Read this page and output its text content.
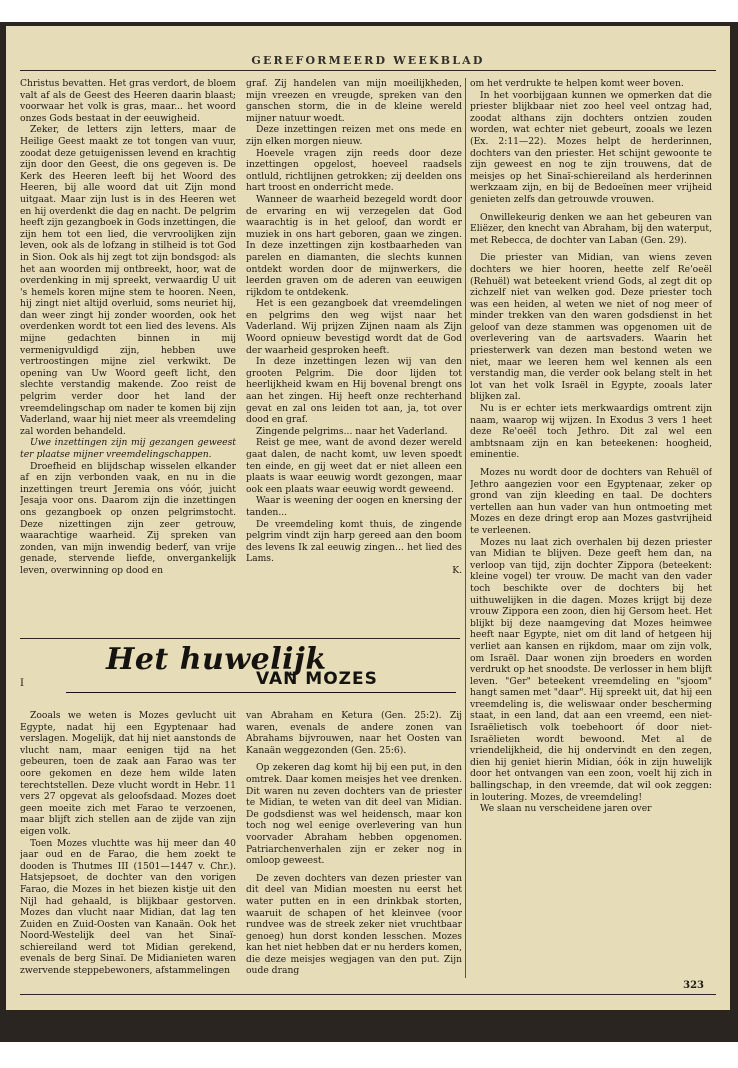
GEREFORMEERD WEEKBLAD

Christus bevatten. Het gras verdort, de bloem valt af als de Geest des Heeren daarin blaast; voorwaar het volk is gras, maar... het woord onzes Gods bestaat in der eeuwigheid.

Zeker, de letters zijn letters, maar de Heilige Geest maakt ze tot tongen van vuur, zoodat deze getuigenissen levend en krachtig zijn door den Geest, die ons gegeven is. De Kerk des Heeren leeft bij het Woord des Heeren, bij alle woord dat uit Zijn mond uitgaat. Maar zijn lust is in des Heeren wet en hij overdenkt die dag en nacht. De pelgrim heeft zijn gezangboek in Gods inzettingen, die zijn hem tot een lied, die vervroolijken zijn leven, ook als de lofzang in stilheid is tot God in Sion. Ook als hij zegt tot zijn bondsgod: als het aan woorden mij ontbreekt, hoor, wat de overdenking in mij spreekt, verwaardig U uit 's hemels koren mijne stem te hooren. Neen, hij zingt niet altijd overluid, soms neuriet hij, dan weer zingt hij zonder woorden, ook het overdenken wordt tot een lied des levens. Als mijne gedachten binnen in mij vermenigvuldigd zijn, hebben uwe vertroostingen mijne ziel verkwikt. De opening van Uw Woord geeft licht, den slechte verstandig makende. Zoo reist de pelgrim verder door het land der vreemdelingschap om nader te komen bij zijn Vaderland, waar hij niet meer als vreemdeling zal worden behandeld.

Uwe inzettingen zijn mij gezangen geweest ter plaatse mijner vreemdelingschappen.

Droefheid en blijdschap wisselen elkander af en zijn verbonden vaak, en nu in die inzettingen treurt Jeremia ons vóór, juicht Jesaja voor ons. Daarom zijn die inzettingen ons gezangboek op onzen pelgrimstocht. Deze nizettingen zijn zeer getrouw, waarachtige waarheid. Zij spreken van zonden, van mijn inwendig bederf, van vrije genade, stervende liefde, onvergankelijk leven, overwinning op dood en

graf. Zij handelen van mijn moeilijkheden, mijn vreezen en vreugde, spreken van den ganschen storm, die in de kleine wereld mijner natuur woedt.

Deze inzettingen reizen met ons mede en zijn elken morgen nieuw.

Hoevele vragen zijn reeds door deze inzettingen opgelost, hoeveel raadsels ontluld, richtlijnen getrokken; zij deelden ons hart troost en onderricht mede.

Wanneer de waarheid bezegeld wordt door de ervaring en wij verzegelen dat God waarachtig is in het geloof, dan wordt er muziek in ons hart geboren, gaan we zingen. In deze inzettingen zijn kostbaarheden van parelen en diamanten, die slechts kunnen ontdekt worden door de mijnwerkers, die leerden graven om de aderen van eeuwigen rijkdom te ontdekenk.

Het is een gezangboek dat vreemdelingen en pelgrims den weg wijst naar het Vaderland. Wij prijzen Zijnen naam als Zijn Woord opnieuw bevestigd wordt dat de God der waarheid gesproken heeft.

In deze inzettingen lezen wij van den grooten Pelgrim. Die door lijden tot heerlijkheid kwam en Hij bovenal brengt ons aan het zingen. Hij heeft onze rechterhand gevat en zal ons leiden tot aan, ja, tot over dood en graf.

Zingende pelgrims... naar het Vaderland.

Reist ge mee, want de avond dezer wereld gaat dalen, de nacht komt, uw leven spoedt ten einde, en gij weet dat er niet alleen een plaats is waar eeuwig wordt gezongen, maar ook een plaats waar eeuwig wordt geweend.

Waar is weening der oogen en knersing der tanden...

De vreemdeling komt thuis, de zingende pelgrim vindt zijn harp gereed aan den boom des levens Ik zal eeuwig zingen... het lied des Lams.

K.

om het verdrukte te helpen komt weer boven.

In het voorbijgaan kunnen we opmerken dat die priester blijkbaar niet zoo heel veel ontzag had, zoodat althans zijn dochters ontzien zouden worden, wat echter niet gebeurt, zooals we lezen (Ex. 2:11—22). Mozes helpt de herderinnen, dochters van den priester. Het schijnt gewoonte te zijn geweest en nog te zijn trouwens, dat de meisjes op het Sinaï-schiereiland als herderinnen werkzaam zijn, en bij de Bedoeïnen meer vrijheid genieten zelfs dan getrouwde vrouwen.

Onwillekeurig denken we aan het gebeuren van Eliëzer, den knecht van Abraham, bij den waterput, met Rebecca, de dochter van Laban (Gen. 29).

Die priester van Midian, van wiens zeven dochters we hier hooren, heette zelf Re'oeël (Rehuël) wat beteekent vriend Gods, al zegt dit op zichzelf niet van welken god. Deze priester toch was een heiden, al weten we niet of nog meer of minder trekken van den waren godsdienst in het geloof van deze stammen was opgenomen uit de overlevering van de aartsvaders. Waarin het priesterwerk van dezen man bestond weten we niet, maar we leeren hem wel kennen als een verstandig man, die verder ook belang stelt in het lot van het volk Israël in Egypte, zooals later blijken zal.

Nu is er echter iets merkwaardigs omtrent zijn naam, waarop wij wijzen. In Exodus 3 vers 1 heet deze Re'oeël toch Jethro. Dit zal wel een ambtsnaam zijn en kan beteekenen: hoogheid, eminentie.

Mozes nu wordt door de dochters van Rehuël of Jethro aangezien voor een Egyptenaar, zeker op grond van zijn kleeding en taal. De dochters vertellen aan hun vader van hun ontmoeting met Mozes en deze dringt erop aan Mozes gastvrijheid te verleenen.

Mozes nu laat zich overhalen bij dezen priester van Midian te blijven. Deze geeft hem dan, na verloop van tijd, zijn dochter Zippora (beteekent: kleine vogel) ter vrouw. De macht van den vader toch beschikte over de dochters bij het uithuwelijken in die dagen. Mozes krijgt bij deze vrouw Zippora een zoon, dien hij Gersom heet. Het blijkt bij deze naamgeving dat Mozes heimwee heeft naar Egypte, niet om dit land of hetgeen hij verliet aan kansen en rijkdom, maar om zijn volk, om Israël. Daar wonen zijn broeders en worden verdrukt op het snoodste. De verlosser in hem blijft leven. "Ger" beteekent vreemdeling en "sjoom" hangt samen met "daar". Hij spreekt uit, dat hij een vreemdeling is, die weliswaar onder bescherming staat, in een land, dat aan een vreemd, een niet-Israëlietisch volk toebehoort óf door niet-Israëlieten wordt bewoond. Met al de vriendelijkheid, die hij ondervindt en den zegen, dien hij geniet hierin Midian, óók in zijn huwelijk door het ontvangen van een zoon, voelt hij zich in ballingschap, in den vreemde, dat wil ook zeggen: in loutering. Mozes, de vreemdeling!

We slaan nu verscheidene jaren over

Het huwelijk
VAN MOZES
I

Zooals we weten is Mozes gevlucht uit Egypte, nadat hij een Egyptenaar had verslagen. Mogelijk, dat hij niet aanstonds de vlucht nam, maar eenigen tijd na het gebeuren, toen de zaak aan Farao was ter oore gekomen en deze hem wilde laten terechtstellen. Deze vlucht wordt in Hebr. 11 vers 27 opgevat als geloofsdaad. Mozes doet geen moeite zich met Farao te verzoenen, maar blijft zich stellen aan de zijde van zijn eigen volk.

Toen Mozes vluchtte was hij meer dan 40 jaar oud en de Farao, die hem zoekt te dooden is Thutmes III (1501—1447 v. Chr.). Hatsjepsoet, de dochter van den vorigen Farao, die Mozes in het biezen kistje uit den Nijl had gehaald, is blijkbaar gestorven. Mozes dan vlucht naar Midian, dat lag ten Zuiden en Zuid-Oosten van Kanaän. Ook het Noord-Westelijk deel van het Sinaï-schiereiland werd tot Midian gerekend, evenals de berg Sinaï. De Midianieten waren zwervende steppebewoners, afstammelingen

van Abraham en Ketura (Gen. 25:2). Zij waren, evenals de andere zonen van Abrahams bijvrouwen, naar het Oosten van Kanaän weggezonden (Gen. 25:6).

Op zekeren dag komt hij bij een put, in den omtrek. Daar komen meisjes het vee drenken. Dit waren nu zeven dochters van de priester te Midian, te weten van dit deel van Midian. De godsdienst was wel heidensch, maar kon toch nog wel eenige overlevering van hun voorvader Abraham hebben opgenomen. Patriarchenverhalen zijn er zeker nog in omloop geweest.

De zeven dochters van dezen priester van dit deel van Midian moesten nu eerst het water putten en in een drinkbak storten, waaruit de schapen of het kleinvee (voor rundvee was de streek zeker niet vruchtbaar genoeg) hun dorst konden lesschen. Mozes kan het niet hebben dat er nu herders komen, die deze meisjes wegjagen van den put. Zijn oude drang

323
